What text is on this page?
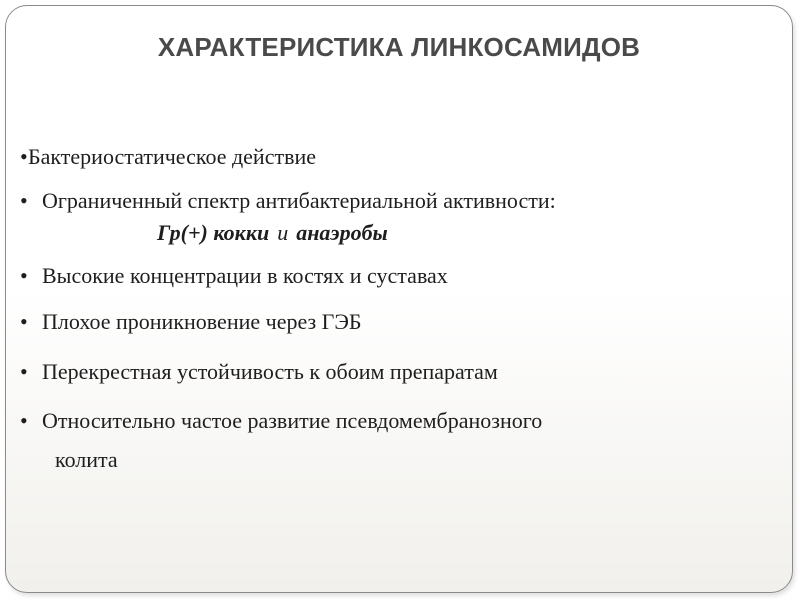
ХАРАКТЕРИСТИКА ЛИНКОСАМИДОВ
•Бактериостатическое действие
• Ограниченный спектр антибактериальной активности:
Гр(+) кокки и анаэробы
• Высокие концентрации в костях и суставах
• Плохое проникновение через ГЭБ
• Перекрестная устойчивость к обоим препаратам
• Относительно частое развитие псевдомембранозного
колита
